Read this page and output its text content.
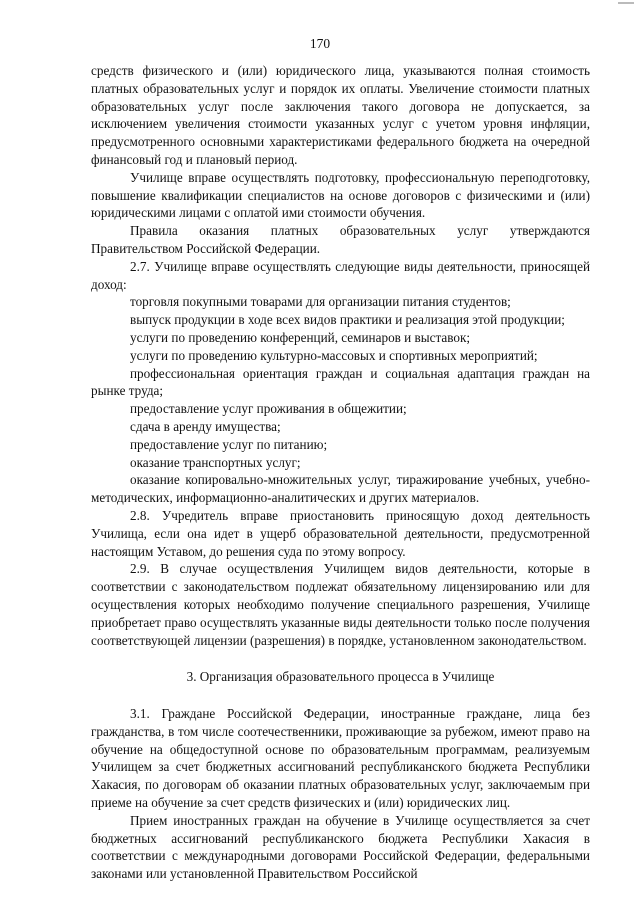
170

средств физического и (или) юридического лица, указываются полная стоимость платных образовательных услуг и порядок их оплаты. Увеличение стоимости платных образовательных услуг после заключения такого договора не допускается, за исключением увеличения стоимости указанных услуг с учетом уровня инфляции, предусмотренного основными характеристиками федерального бюджета на очередной финансовый год и плановый период.

Училище вправе осуществлять подготовку, профессиональную переподготовку, повышение квалификации специалистов на основе договоров с физическими и (или) юридическими лицами с оплатой ими стоимости обучения.

Правила оказания платных образовательных услуг утверждаются Правительством Российской Федерации.

2.7. Училище вправе осуществлять следующие виды деятельности, приносящей доход:

торговля покупными товарами для организации питания студентов;

выпуск продукции в ходе всех видов практики и реализация этой продукции;

услуги по проведению конференций, семинаров и выставок;

услуги по проведению культурно-массовых и спортивных мероприятий;

профессиональная ориентация граждан и социальная адаптация граждан на рынке труда;

предоставление услуг проживания в общежитии;

сдача в аренду имущества;

предоставление услуг по питанию;

оказание транспортных услуг;

оказание копировально-множительных услуг, тиражирование учебных, учебно-методических, информационно-аналитических и других материалов.

2.8. Учредитель вправе приостановить приносящую доход деятельность Училища, если она идет в ущерб образовательной деятельности, предусмотренной настоящим Уставом, до решения суда по этому вопросу.

2.9. В случае осуществления Училищем видов деятельности, которые в соответствии с законодательством подлежат обязательному лицензированию или для осуществления которых необходимо получение специального разрешения, Училище приобретает право осуществлять указанные виды деятельности только после получения соответствующей лицензии (разрешения) в порядке, установленном законодательством.

3. Организация образовательного процесса в Училище

3.1. Граждане Российской Федерации, иностранные граждане, лица без гражданства, в том числе соотечественники, проживающие за рубежом, имеют право на обучение на общедоступной основе по образовательным программам, реализуемым Училищем за счет бюджетных ассигнований республиканского бюджета Республики Хакасия, по договорам об оказании платных образовательных услуг, заключаемым при приеме на обучение за счет средств физических и (или) юридических лиц.

Прием иностранных граждан на обучение в Училище осуществляется за счет бюджетных ассигнований республиканского бюджета Республики Хакасия в соответствии с международными договорами Российской Федерации, федеральными законами или установленной Правительством Российской
